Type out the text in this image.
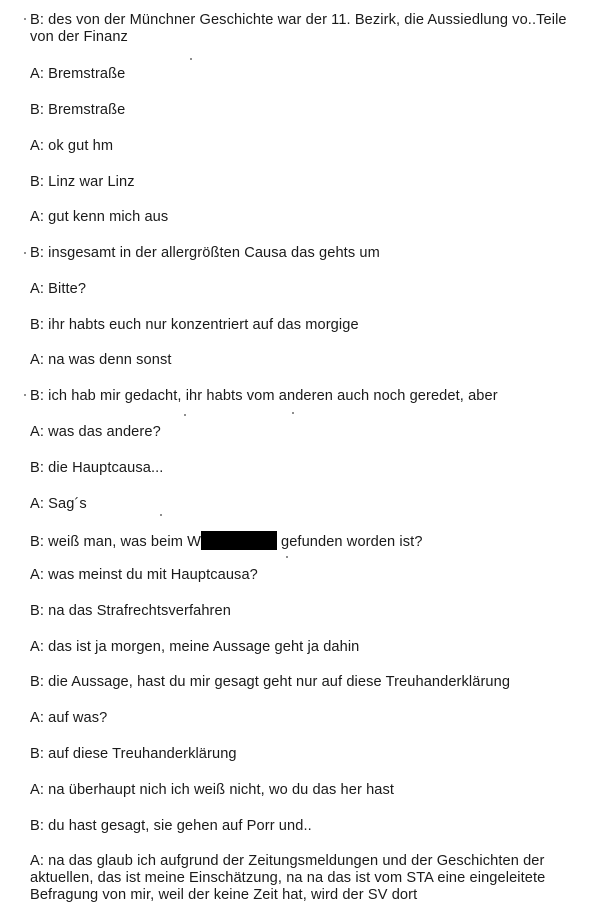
B: des von der Münchner Geschichte war der 11. Bezirk, die Aussiedlung vo..Teile von der Finanz
A: Bremstraße
B: Bremstraße
A: ok gut hm
B: Linz war Linz
A: gut kenn mich aus
B: insgesamt in der allergrößten Causa das gehts um
A: Bitte?
B: ihr habts euch nur konzentriert auf das morgige
A: na was denn sonst
B: ich hab mir gedacht, ihr habts vom anderen auch noch geredet, aber
A: was das andere?
B: die Hauptcausa...
A: Sag´s
B: weiß man, was beim W	gefunden worden ist?
A: was meinst du mit Hauptcausa?
B: na das Strafrechtsverfahren
A: das ist ja morgen, meine Aussage geht ja dahin
B: die Aussage, hast du mir gesagt geht nur auf diese Treuhanderklärung
A: auf was?
B: auf diese Treuhanderklärung
A: na überhaupt nich ich weiß nicht, wo du das her hast
B: du hast gesagt, sie gehen auf Porr und..
A: na das glaub ich aufgrund der Zeitungsmeldungen und der Geschichten der aktuellen, das ist meine Einschätzung, na na das ist vom STA eine eingeleitete Befragung von mir, weil der keine Zeit hat, wird der SV dort
